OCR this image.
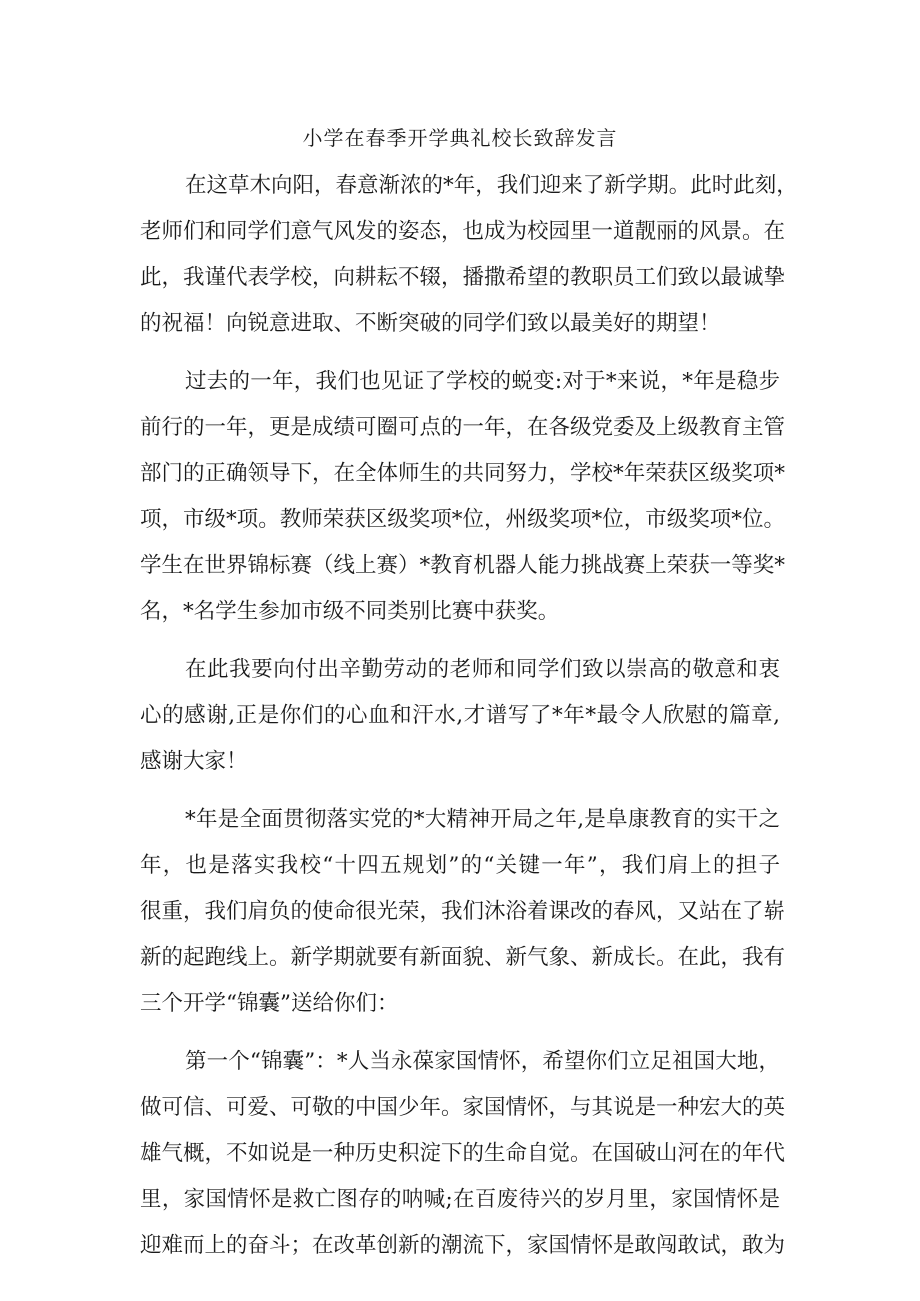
小学在春季开学典礼校长致辞发言
在这草木向阳，春意渐浓的*年，我们迎来了新学期。此时此刻，
老师们和同学们意气风发的姿态，也成为校园里一道靓丽的风景。在
此，我谨代表学校，向耕耘不辍，播撒希望的教职员工们致以最诚挚
的祝福！向锐意进取、不断突破的同学们致以最美好的期望！
过去的一年，我们也见证了学校的蜕变:对于*来说，*年是稳步
前行的一年，更是成绩可圈可点的一年，在各级党委及上级教育主管
部门的正确领导下，在全体师生的共同努力，学校*年荣获区级奖项*
项，市级*项。教师荣获区级奖项*位，州级奖项*位，市级奖项*位。
学生在世界锦标赛（线上赛）*教育机器人能力挑战赛上荣获一等奖*
名，*名学生参加市级不同类别比赛中获奖。
在此我要向付出辛勤劳动的老师和同学们致以崇高的敬意和衷
心的感谢,正是你们的心血和汗水,才谱写了*年*最令人欣慰的篇章,
感谢大家！
*年是全面贯彻落实党的*大精神开局之年,是阜康教育的实干之
年，也是落实我校“十四五规划”的“关键一年”，我们肩上的担子
很重，我们肩负的使命很光荣，我们沐浴着课改的春风，又站在了崭
新的起跑线上。新学期就要有新面貌、新气象、新成长。在此，我有
三个开学“锦囊”送给你们：
第一个“锦囊”：*人当永葆家国情怀，希望你们立足祖国大地，
做可信、可爱、可敬的中国少年。家国情怀，与其说是一种宏大的英
雄气概，不如说是一种历史积淀下的生命自觉。在国破山河在的年代
里，家国情怀是救亡图存的呐喊;在百废待兴的岁月里，家国情怀是
迎难而上的奋斗；在改革创新的潮流下，家国情怀是敢闯敢试，敢为
